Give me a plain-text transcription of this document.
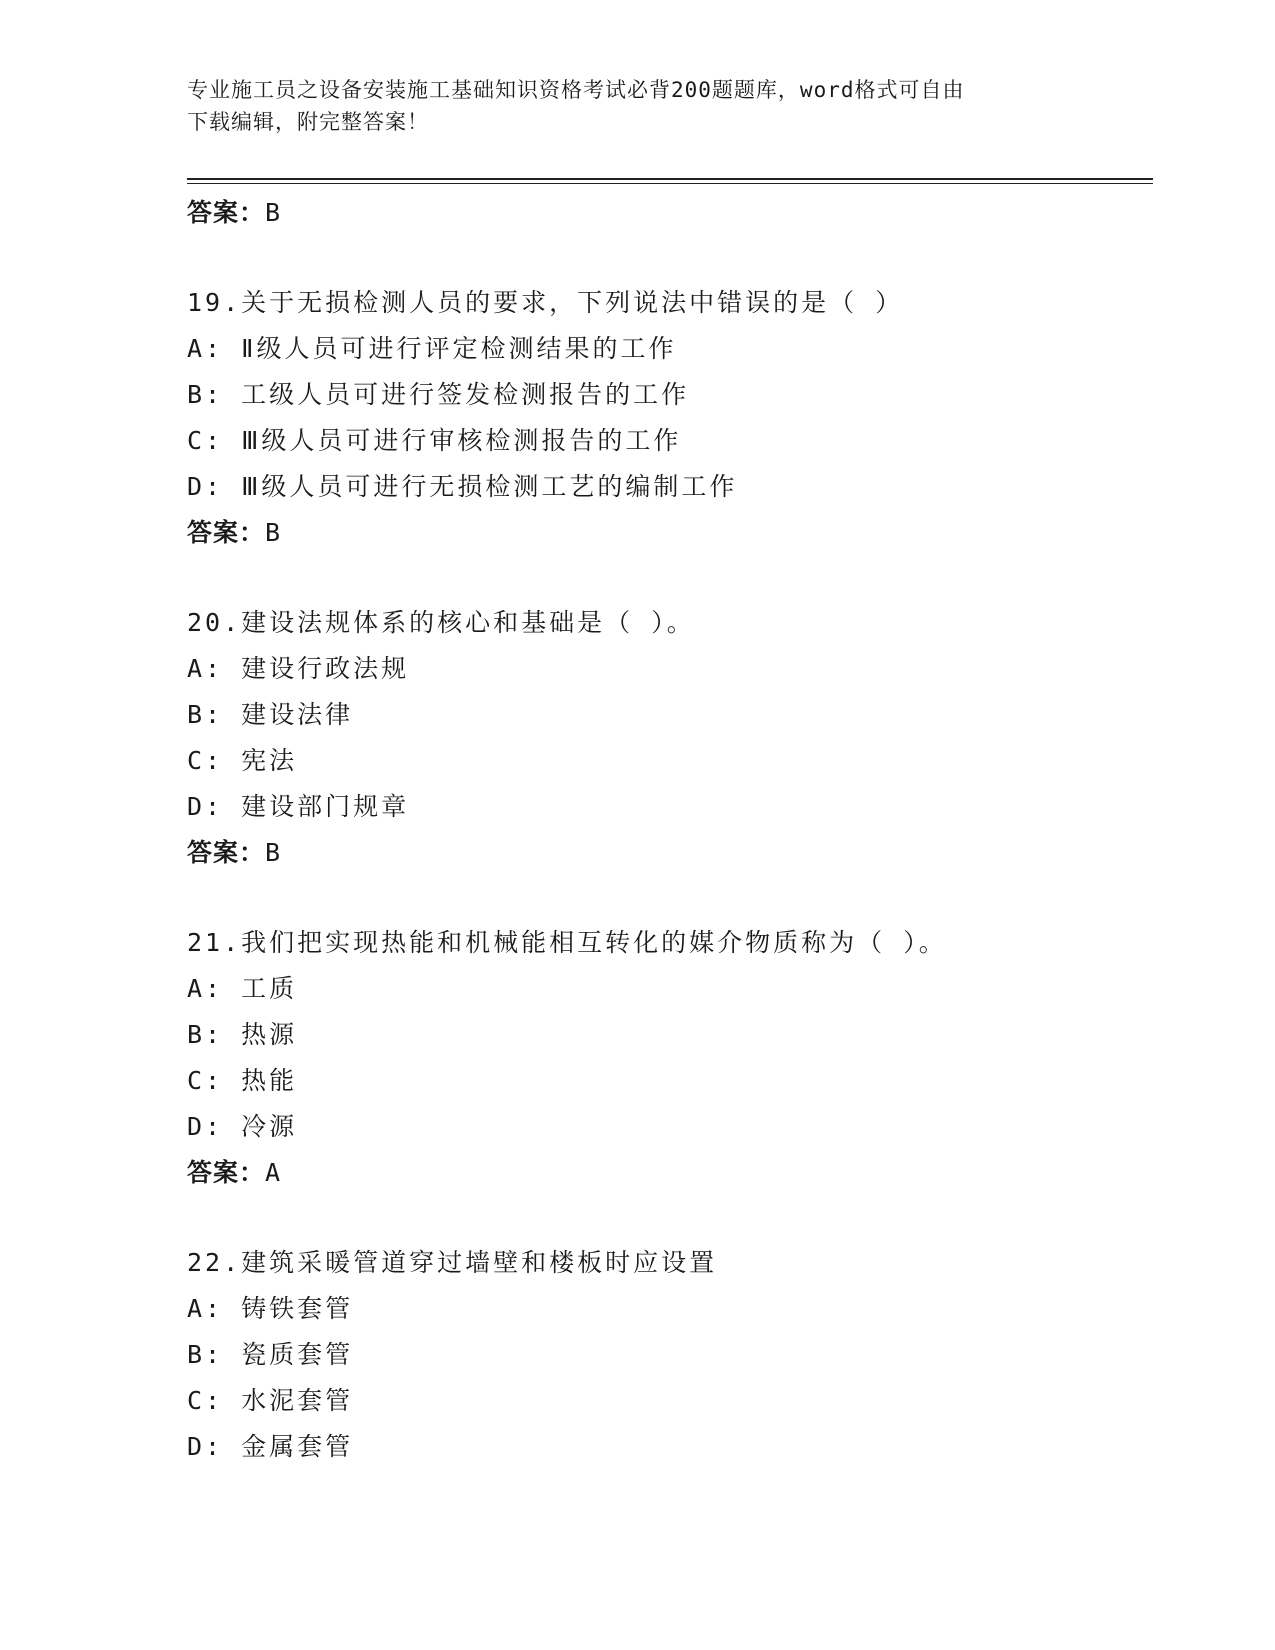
专业施工员之设备安装施工基础知识资格考试必背200题题库，word格式可自由
下载编辑，附完整答案！
答案：B
19.关于无损检测人员的要求，下列说法中错误的是（ ）
A: Ⅱ级人员可进行评定检测结果的工作
B: 工级人员可进行签发检测报告的工作
C: Ⅲ级人员可进行审核检测报告的工作
D: Ⅲ级人员可进行无损检测工艺的编制工作
答案：B
20.建设法规体系的核心和基础是（ ）。
A: 建设行政法规
B: 建设法律
C: 宪法
D: 建设部门规章
答案：B
21.我们把实现热能和机械能相互转化的媒介物质称为（ ）。
A: 工质
B: 热源
C: 热能
D: 冷源
答案：A
22.建筑采暖管道穿过墙壁和楼板时应设置
A: 铸铁套管
B: 瓷质套管
C: 水泥套管
D: 金属套管
